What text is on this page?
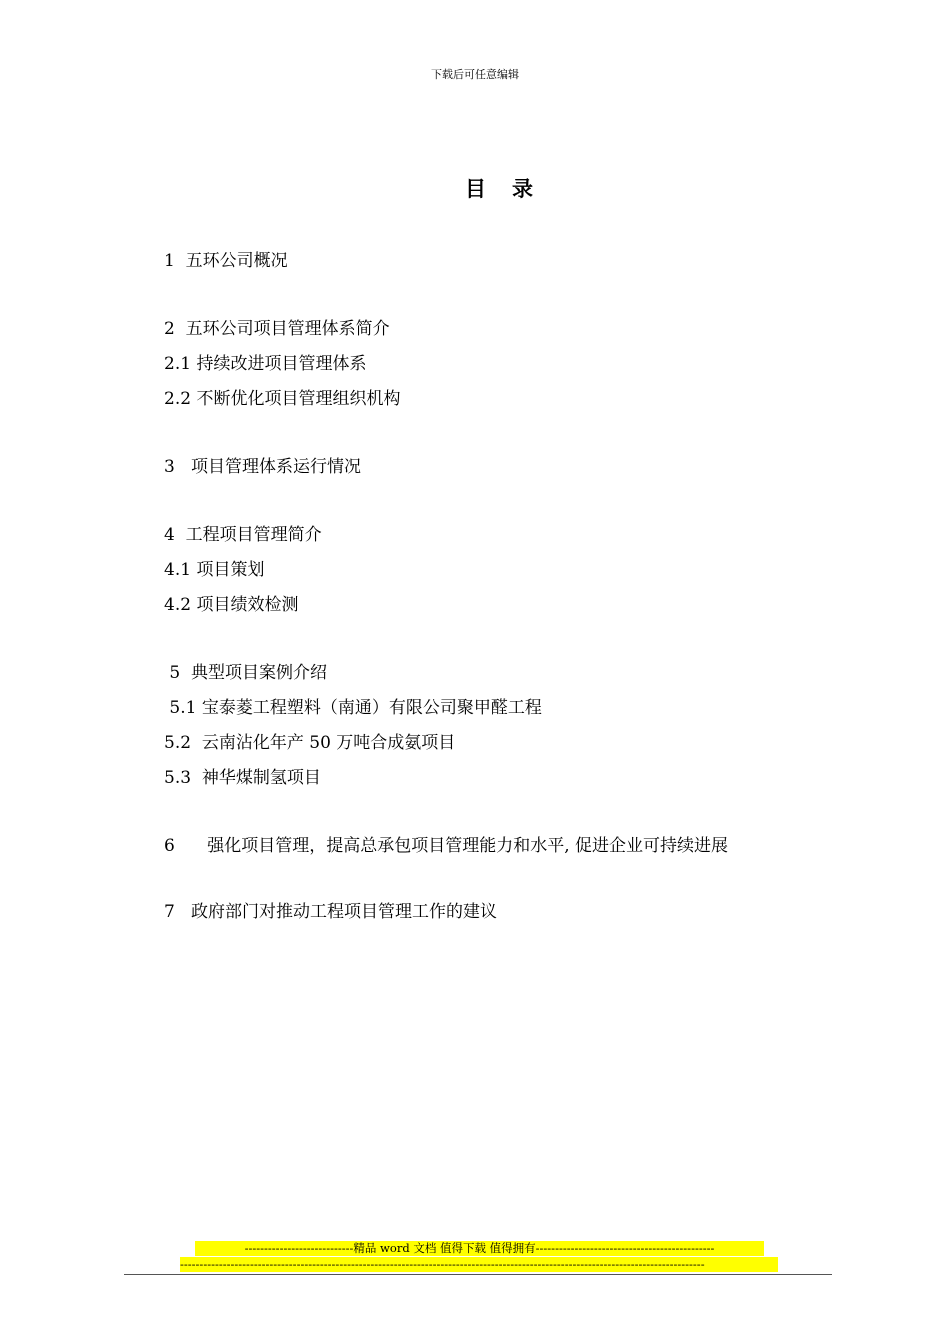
下载后可任意编辑
目 录
1  五环公司概况
2  五环公司项目管理体系简介
2.1 持续改进项目管理体系
2.2 不断优化项目管理组织机构
3   项目管理体系运行情况
4  工程项目管理简介
4.1 项目策划
4.2 项目绩效检测
5  典型项目案例介绍
5.1 宝泰菱工程塑料（南通）有限公司聚甲醛工程
5.2  云南沾化年产 50 万吨合成氨项目
5.3  神华煤制氢项目
6      强化项目管理，提高总承包项目管理能力和水平, 促进企业可持续进展
7   政府部门对推动工程项目管理工作的建议
----------------------------精品 word 文档 值得下载 值得拥有----------------------------------------------
---------------------------------------------------------------------------------------------------------------------------------------
